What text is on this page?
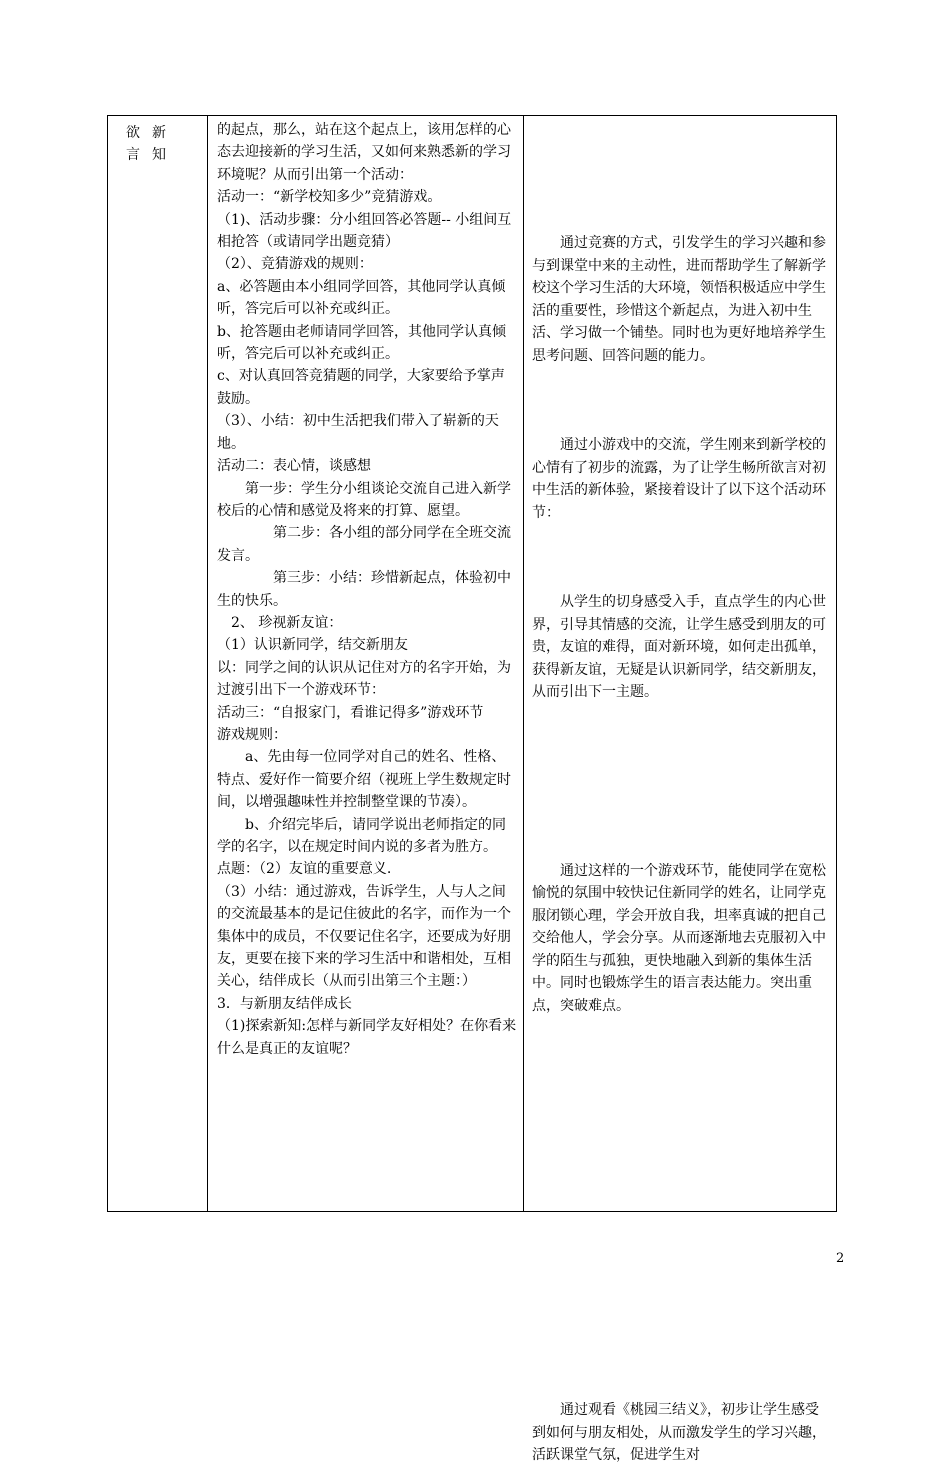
欲新言知

的起点，那么，站在这个起点上，该用怎样的心态去迎接新的学习生活，又如何来熟悉新的学习环境呢？从而引出第一个活动：

活动一：“新学校知多少”竞猜游戏。

（1)、活动步骤：分小组回答必答题-- 小组间互相抢答（或请同学出题竞猜）

（2）、竞猜游戏的规则：

a、必答题由本小组同学回答，其他同学认真倾听，答完后可以补充或纠正。

b、抢答题由老师请同学回答，其他同学认真倾听，答完后可以补充或纠正。

c、对认真回答竞猜题的同学，大家要给予掌声鼓励。

（3）、小结：初中生活把我们带入了崭新的天地。

活动二：表心情，谈感想

　　第一步：学生分小组谈论交流自己进入新学校后的心情和感觉及将来的打算、愿望。

　　　　第二步：各小组的部分同学在全班交流发言。

　　　　第三步：小结：珍惜新起点，体验初中生的快乐。

　2、 珍视新友谊：

（1）认识新同学，结交新朋友

以：同学之间的认识从记住对方的名字开始，为过渡引出下一个游戏环节：

活动三：“自报家门，看谁记得多”游戏环节

游戏规则：

　　a、先由每一位同学对自己的姓名、性格、特点、爱好作一简要介绍（视班上学生数规定时间，以增强趣味性并控制整堂课的节凑）。

　　b、介绍完毕后，请同学说出老师指定的同学的名字，以在规定时间内说的多者为胜方。

点题：（2）友谊的重要意义.

（3）小结：通过游戏，告诉学生，人与人之间的交流最基本的是记住彼此的名字，而作为一个集体中的成员，不仅要记住名字，还要成为好朋友，更要在接下来的学习生活中和谐相处，互相关心，结伴成长（从而引出第三个主题：）

3．与新朋友结伴成长

（1)探索新知:怎样与新同学友好相处？在你看来什么是真正的友谊呢？

　　通过竞赛的方式，引发学生的学习兴趣和参与到课堂中来的主动性，进而帮助学生了解新学校这个学习生活的大环境，领悟积极适应中学生活的重要性，珍惜这个新起点，为进入初中生活、学习做一个铺垫。同时也为更好地培养学生思考问题、回答问题的能力。

　　通过小游戏中的交流，学生刚来到新学校的心情有了初步的流露，为了让学生畅所欲言对初中生活的新体验，紧接着设计了以下这个活动环节：

　　从学生的切身感受入手，直点学生的内心世界，引导其情感的交流，让学生感受到朋友的可贵，友谊的难得，面对新环境，如何走出孤单，获得新友谊，无疑是认识新同学，结交新朋友，从而引出下一主题。

　　通过这样的一个游戏环节，能使同学在宽松愉悦的氛围中较快记住新同学的姓名，让同学克服闭锁心理，学会开放自我，坦率真诚的把自己交给他人，学会分享。从而逐渐地去克服初入中学的陌生与孤独，更快地融入到新的集体生活中。同时也锻炼学生的语言表达能力。突出重点，突破难点。

　　通过观看《桃园三结义》，初步让学生感受到如何与朋友相处，从而激发学生的学习兴趣，活跃课堂气氛，促进学生对

2
